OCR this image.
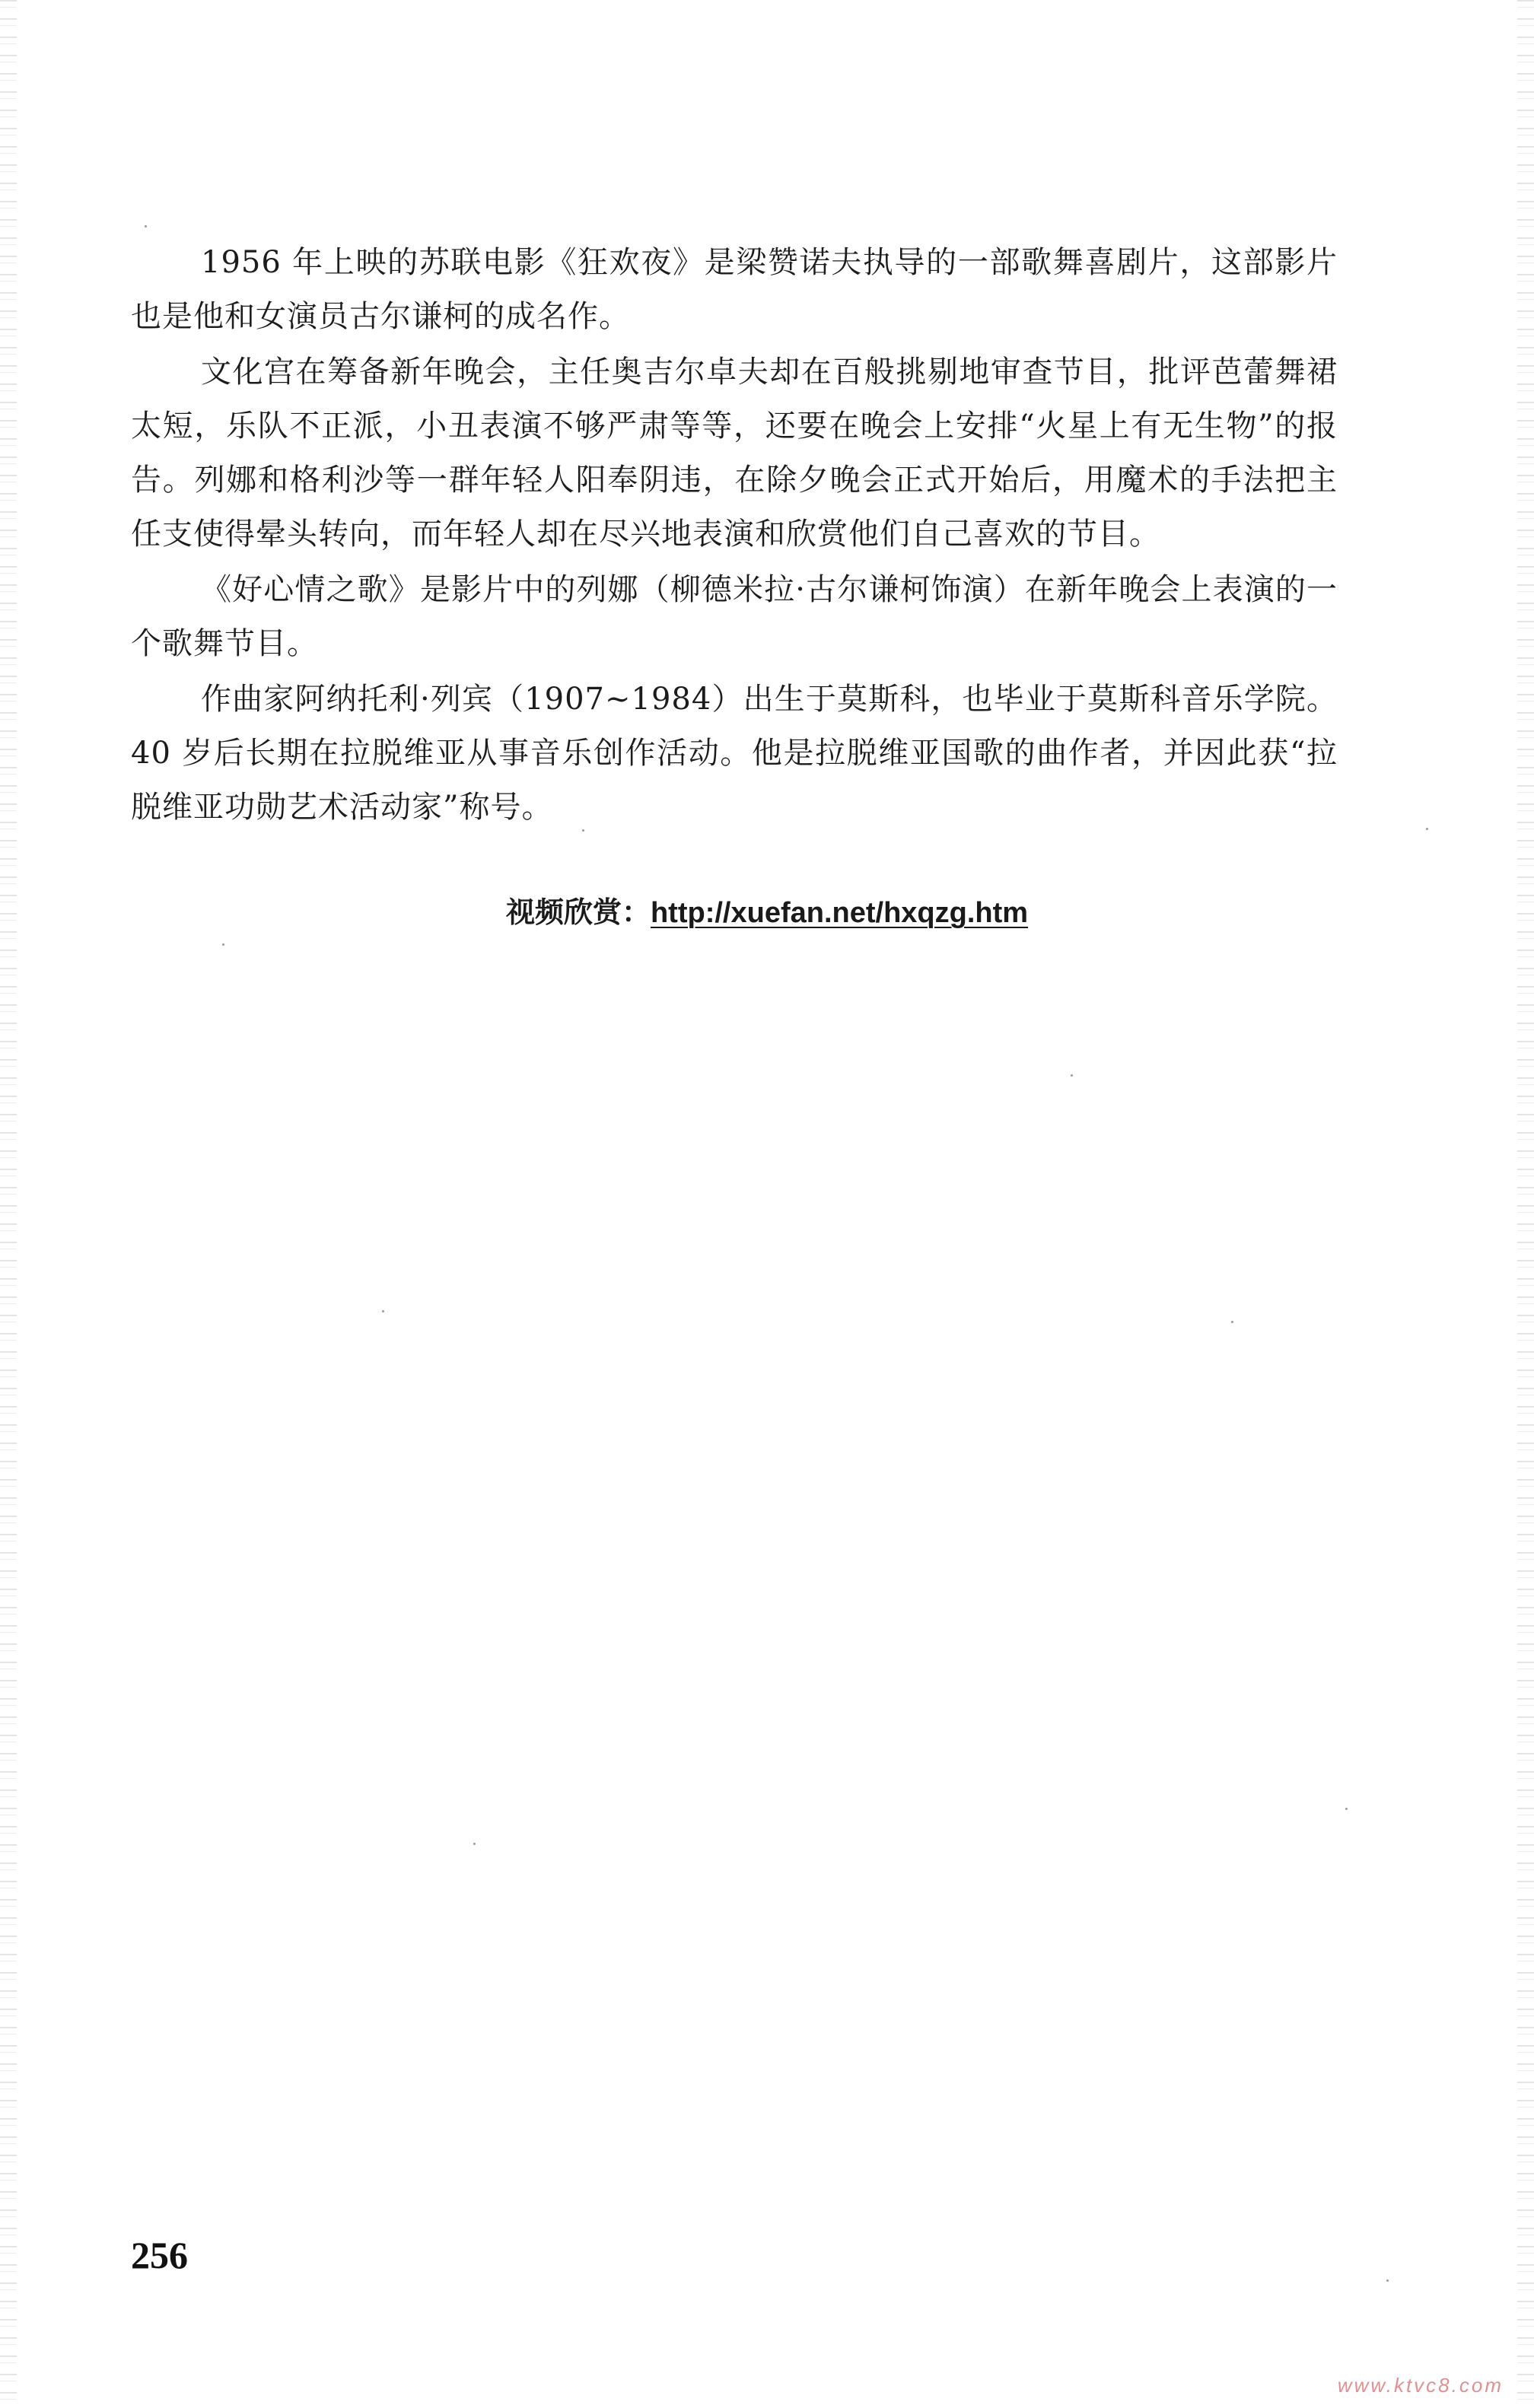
1956 年上映的苏联电影《狂欢夜》是梁赞诺夫执导的一部歌舞喜剧片，这部影片也是他和女演员古尔谦柯的成名作。

文化宫在筹备新年晚会，主任奥吉尔卓夫却在百般挑剔地审查节目，批评芭蕾舞裙太短，乐队不正派，小丑表演不够严肃等等，还要在晚会上安排“火星上有无生物”的报告。列娜和格利沙等一群年轻人阳奉阴违，在除夕晚会正式开始后，用魔术的手法把主任支使得晕头转向，而年轻人却在尽兴地表演和欣赏他们自己喜欢的节目。

《好心情之歌》是影片中的列娜（柳德米拉·古尔谦柯饰演）在新年晚会上表演的一个歌舞节目。

作曲家阿纳托利·列宾（1907~1984）出生于莫斯科，也毕业于莫斯科音乐学院。40 岁后长期在拉脱维亚从事音乐创作活动。他是拉脱维亚国歌的曲作者，并因此获“拉脱维亚功勋艺术活动家”称号。

视频欣赏：http://xuefan.net/hxqzg.htm
256
www.ktvc8.com
